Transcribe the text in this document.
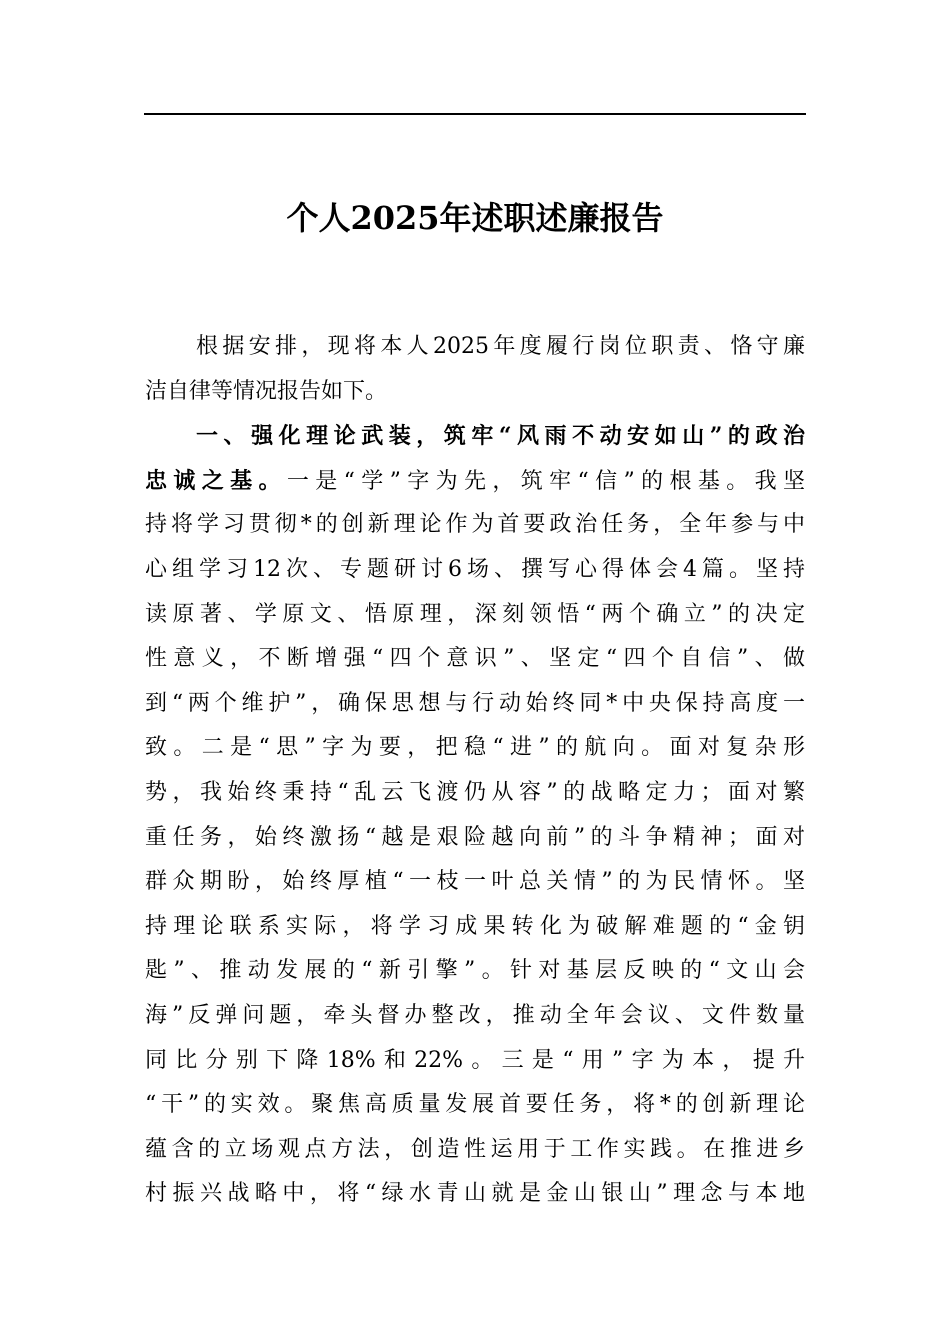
个人2025年述职述廉报告
根据安排，现将本人2025年度履行岗位职责、恪守廉
洁自律等情况报告如下。
一、强化理论武装，筑牢“风雨不动安如山”的政治
忠诚之基。一是“学”字为先，筑牢“信”的根基。我坚
持将学习贯彻*的创新理论作为首要政治任务，全年参与中
心组学习12次、专题研讨6场、撰写心得体会4篇。坚持
读原著、学原文、悟原理，深刻领悟“两个确立”的决定
性意义，不断增强“四个意识”、坚定“四个自信”、做
到“两个维护”，确保思想与行动始终同*中央保持高度一
致。二是“思”字为要，把稳“进”的航向。面对复杂形
势，我始终秉持“乱云飞渡仍从容”的战略定力；面对繁
重任务，始终激扬“越是艰险越向前”的斗争精神；面对
群众期盼，始终厚植“一枝一叶总关情”的为民情怀。坚
持理论联系实际，将学习成果转化为破解难题的“金钥
匙”、推动发展的“新引擎”。针对基层反映的“文山会
海”反弹问题，牵头督办整改，推动全年会议、文件数量
同比分别下降18%和22%。三是“用”字为本，提升
“干”的实效。聚焦高质量发展首要任务，将*的创新理论
蕴含的立场观点方法，创造性运用于工作实践。在推进乡
村振兴战略中，将“绿水青山就是金山银山”理念与本地
